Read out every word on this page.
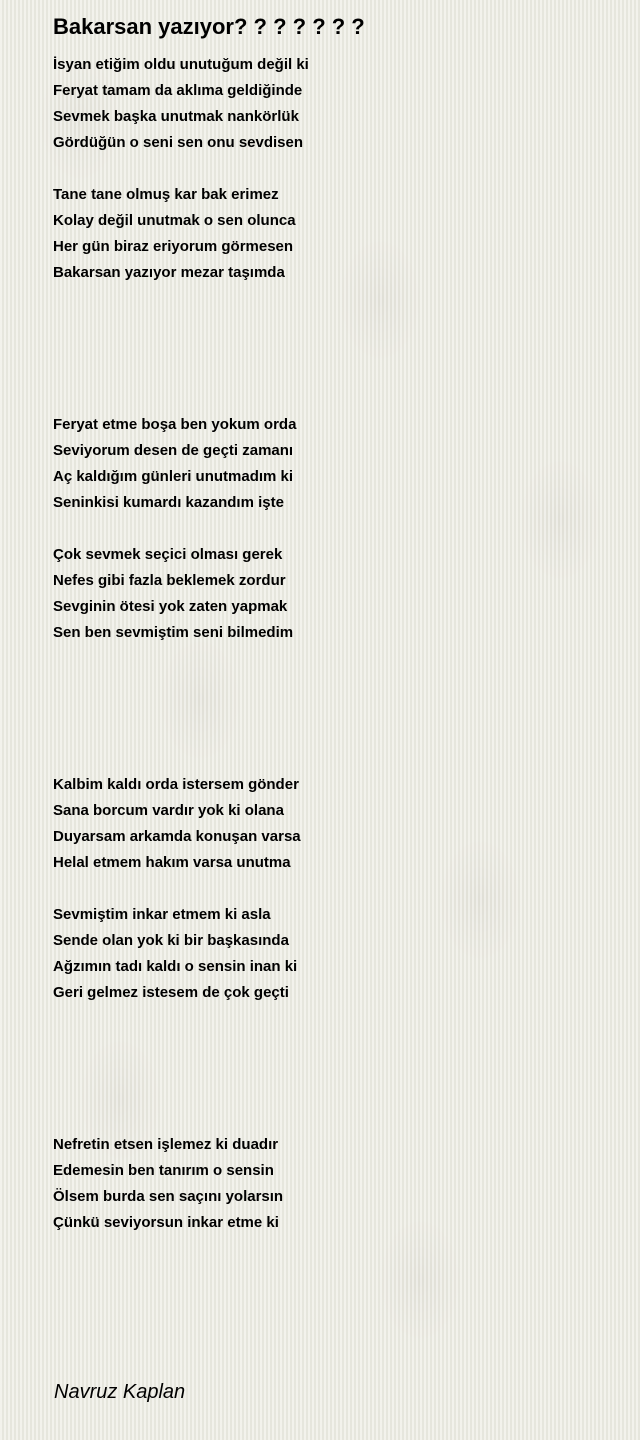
Bakarsan yazıyor? ? ? ? ? ? ?
İsyan etiğim oldu unutuğum değil ki
Feryat tamam da aklıma geldiğinde
Sevmek başka unutmak nankörlük
Gördüğün o seni sen onu sevdisen
Tane tane olmuş kar bak erimez
Kolay değil unutmak o sen olunca
Her gün biraz eriyorum görmesen
Bakarsan yazıyor mezar taşımda
Feryat etme boşa ben yokum orda
Seviyorum desen de geçti zamanı
Aç kaldığım günleri unutmadım ki
Seninkisi kumardı kazandım işte
Çok sevmek seçici olması gerek
Nefes gibi fazla beklemek zordur
Sevginin ötesi yok zaten yapmak
Sen ben sevmiştim seni bilmedim
Kalbim kaldı orda istersem gönder
Sana borcum vardır yok ki olana
Duyarsam arkamda konuşan varsa
Helal etmem hakım varsa unutma
Sevmiştim inkar etmem ki asla
Sende olan yok ki bir başkasında
Ağzımın tadı kaldı o sensin inan ki
Geri gelmez istesem de çok geçti
Nefretin etsen işlemez ki duadır
Edemesin ben tanırım o sensin
Ölsem burda sen saçını yolarsın
Çünkü seviyorsun inkar etme ki
Navruz Kaplan
